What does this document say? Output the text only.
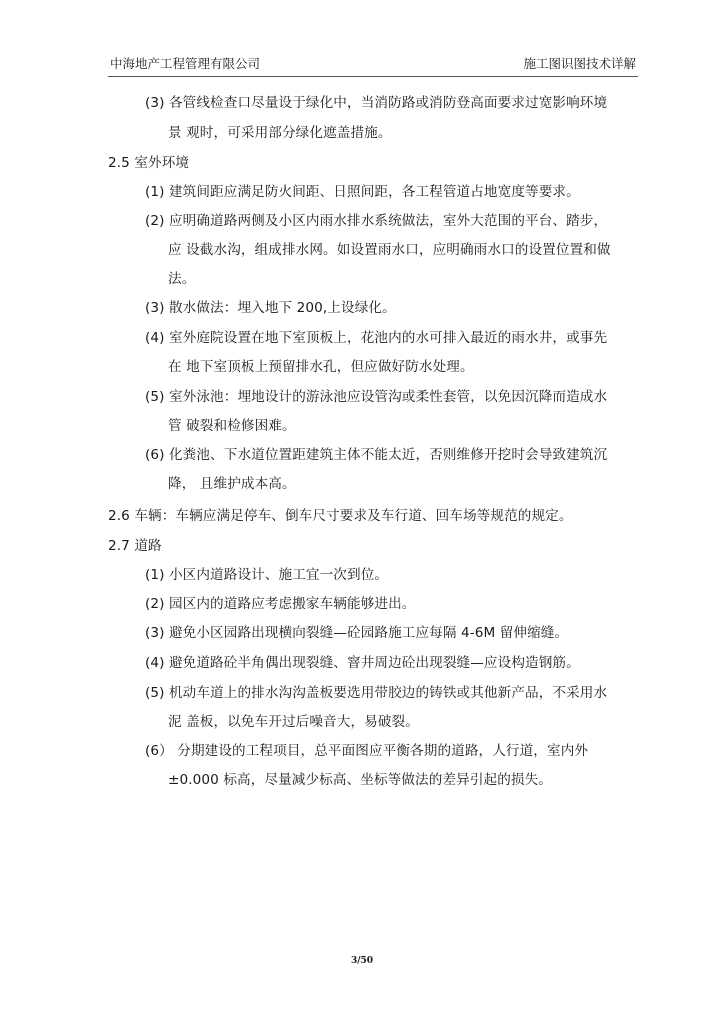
中海地产工程管理有限公司	施工图识图技术详解
(3) 各管线检查口尽量设于绿化中，当消防路或消防登高面要求过宽影响环境
景 观时，可采用部分绿化遮盖措施。
2.5 室外环境
(1) 建筑间距应满足防火间距、日照间距，各工程管道占地宽度等要求。
(2) 应明确道路两侧及小区内雨水排水系统做法，室外大范围的平台、踏步，
应 设截水沟，组成排水网。如设置雨水口，应明确雨水口的设置位置和做
法。
(3) 散水做法：埋入地下 200,上设绿化。
(4) 室外庭院设置在地下室顶板上，花池内的水可排入最近的雨水井，或事先
在 地下室顶板上预留排水孔，但应做好防水处理。
(5) 室外泳池：埋地设计的游泳池应设管沟或柔性套管，以免因沉降而造成水
管 破裂和检修困难。
(6) 化粪池、下水道位置距建筑主体不能太近，否则维修开挖时会导致建筑沉
降， 且维护成本高。
2.6 车辆：车辆应满足停车、倒车尺寸要求及车行道、回车场等规范的规定。
2.7 道路
(1) 小区内道路设计、施工宜一次到位。
(2) 园区内的道路应考虑搬家车辆能够进出。
(3) 避免小区园路出现横向裂缝—砼园路施工应每隔 4-6M 留伸缩缝。
(4) 避免道路砼半角偶出现裂缝、窨井周边砼出现裂缝—应设构造钢筋。
(5) 机动车道上的排水沟沟盖板要选用带胶边的铸铁或其他新产品，不采用水
泥 盖板，以免车开过后噪音大，易破裂。
(6） 分期建设的工程项目，总平面图应平衡各期的道路，人行道，室内外
±0.000 标高，尽量减少标高、坐标等做法的差异引起的损失。
3/50
